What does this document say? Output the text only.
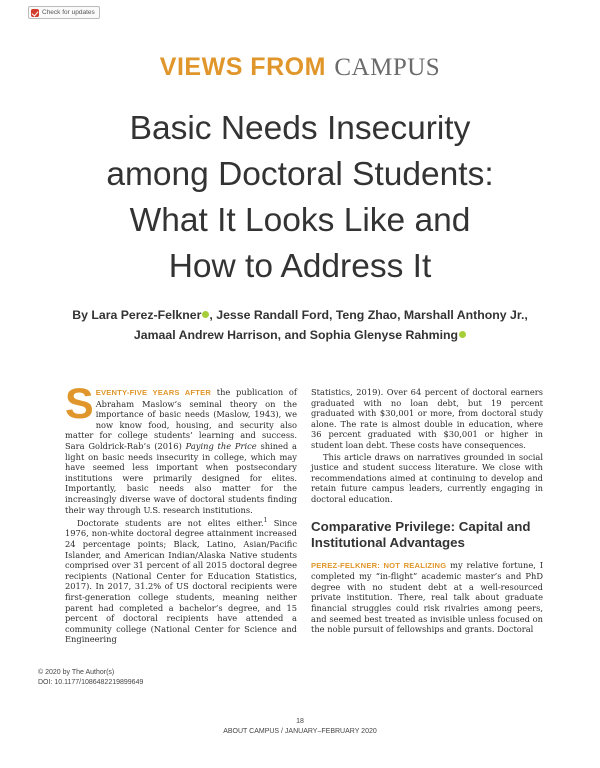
Check for updates
VIEWS FROM CAMPUS
Basic Needs Insecurity
among Doctoral Students:
What It Looks Like and
How to Address It
By Lara Perez-Felkner , Jesse Randall Ford, Teng Zhao, Marshall Anthony Jr.,
Jamaal Andrew Harrison, and Sophia Glenyse Rahming

SEVENTY-FIVE YEARS AFTER the publication of Abraham Maslow’s seminal theory on the importance of basic needs (Maslow, 1943), we now know food, housing, and security also matter for college students’ learning and success. Sara Goldrick-Rab’s (2016) Paying the Price shined a light on basic needs insecurity in college, which may have seemed less important when postsecondary institutions were primarily designed for elites. Importantly, basic needs also matter for the increasingly diverse wave of doctoral students finding their way through U.S. research institutions.

Doctorate students are not elites either.$^1$ Since 1976, non-white doctoral degree attainment increased 24 percentage points; Black, Latino, Asian/Pacific Islander, and American Indian/Alaska Native students comprised over 31 percent of all 2015 doctoral degree recipients (National Center for Education Statistics, 2017). In 2017, 31.2% of US doctoral recipients were first-generation college students, meaning neither parent had completed a bachelor’s degree, and 15 percent of doctoral recipients have attended a community college (National Center for Science and Engineering

Statistics, 2019). Over 64 percent of doctoral earners graduated with no loan debt, but 19 percent graduated with $30,001 or more, from doctoral study alone. The rate is almost double in education, where 36 percent graduated with $30,001 or higher in student loan debt. These costs have consequences.

This article draws on narratives grounded in social justice and student success literature. We close with recommendations aimed at continuing to develop and retain future campus leaders, currently engaging in doctoral education.

Comparative Privilege: Capital and Institutional Advantages

PEREZ-FELKNER: NOT REALIZING my relative fortune, I completed my “in-flight” academic master’s and PhD degree with no student debt at a well-resourced private institution. There, real talk about graduate financial struggles could risk rivalries among peers, and seemed best treated as invisible unless focused on the noble pursuit of fellowships and grants. Doctoral

© 2020 by The Author(s)
DOI: 10.1177/1086482219899649
18
ABOUT CAMPUS / JANUARY–FEBRUARY 2020
